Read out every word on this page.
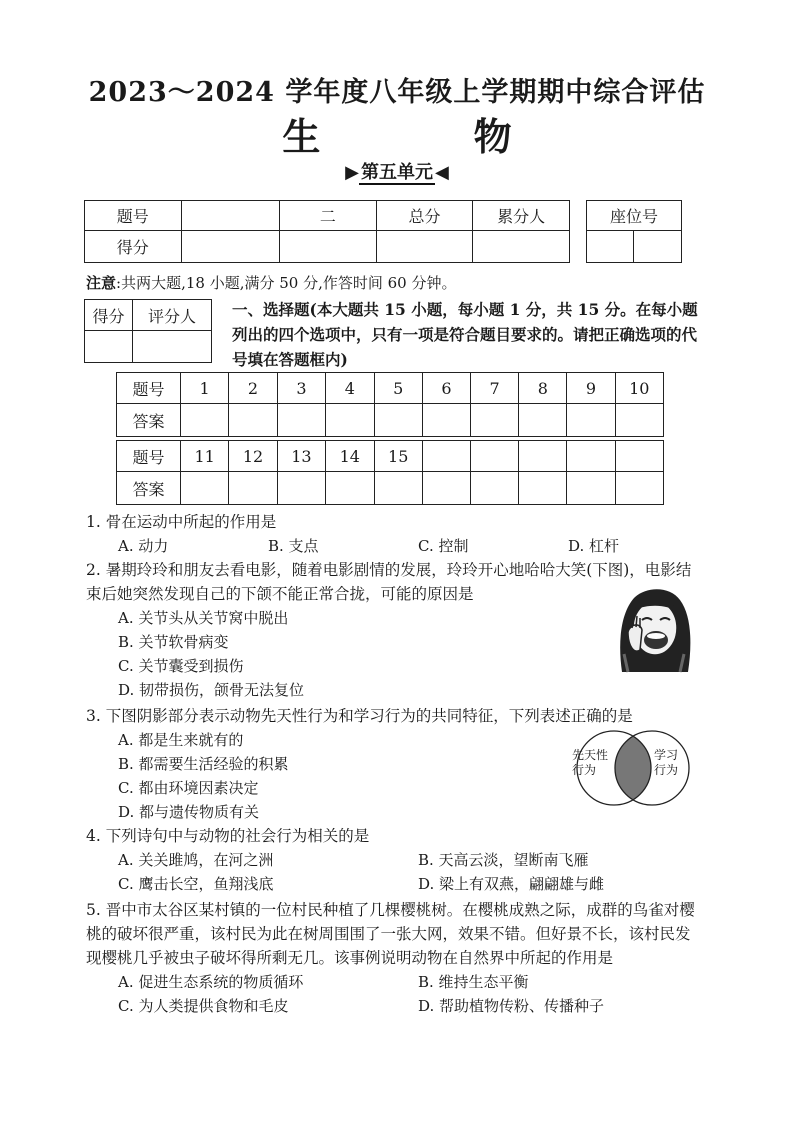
2023～2024 学年度八年级上学期期中综合评估
生 物
▶ 第五单元 ◀
题号		二	总分	累分人
得分				
座位号

注意:共两大题,18 小题,满分 50 分,作答时间 60 分钟。
得分	评分人
	一、选择题(本大题共 15 小题，每小题 1 分，共 15 分。在每小题列出的四个选项中，只有一项是符合题目要求的。请把正确选项的代号填在答题框内)
题号	1	2	3	4	5	6	7	8	9	10
答案										

题号	11	12	13	14	15					
答案										
1. 骨在运动中所起的作用是
A. 动力	B. 支点	C. 控制	D. 杠杆
2. 暑期玲玲和朋友去看电影，随着电影剧情的发展，玲玲开心地哈哈大笑(下图)，电影结束后她突然发现自己的下颌不能正常合拢，可能的原因是
A. 关节头从关节窝中脱出
B. 关节软骨病变
C. 关节囊受到损伤
D. 韧带损伤，颌骨无法复位
3. 下图阴影部分表示动物先天性行为和学习行为的共同特征，下列表述正确的是
A. 都是生来就有的
B. 都需要生活经验的积累
C. 都由环境因素决定
D. 都与遗传物质有关
先天性行为
学习行为
4. 下列诗句中与动物的社会行为相关的是
A. 关关雎鸠，在河之洲	B. 天高云淡，望断南飞雁
C. 鹰击长空，鱼翔浅底	D. 梁上有双燕，翩翩雄与雌
5. 晋中市太谷区某村镇的一位村民种植了几棵樱桃树。在樱桃成熟之际，成群的鸟雀对樱桃的破坏很严重，该村民为此在树周围围了一张大网，效果不错。但好景不长，该村民发现樱桃几乎被虫子破坏得所剩无几。该事例说明动物在自然界中所起的作用是
A. 促进生态系统的物质循环	B. 维持生态平衡
C. 为人类提供食物和毛皮	D. 帮助植物传粉、传播种子
